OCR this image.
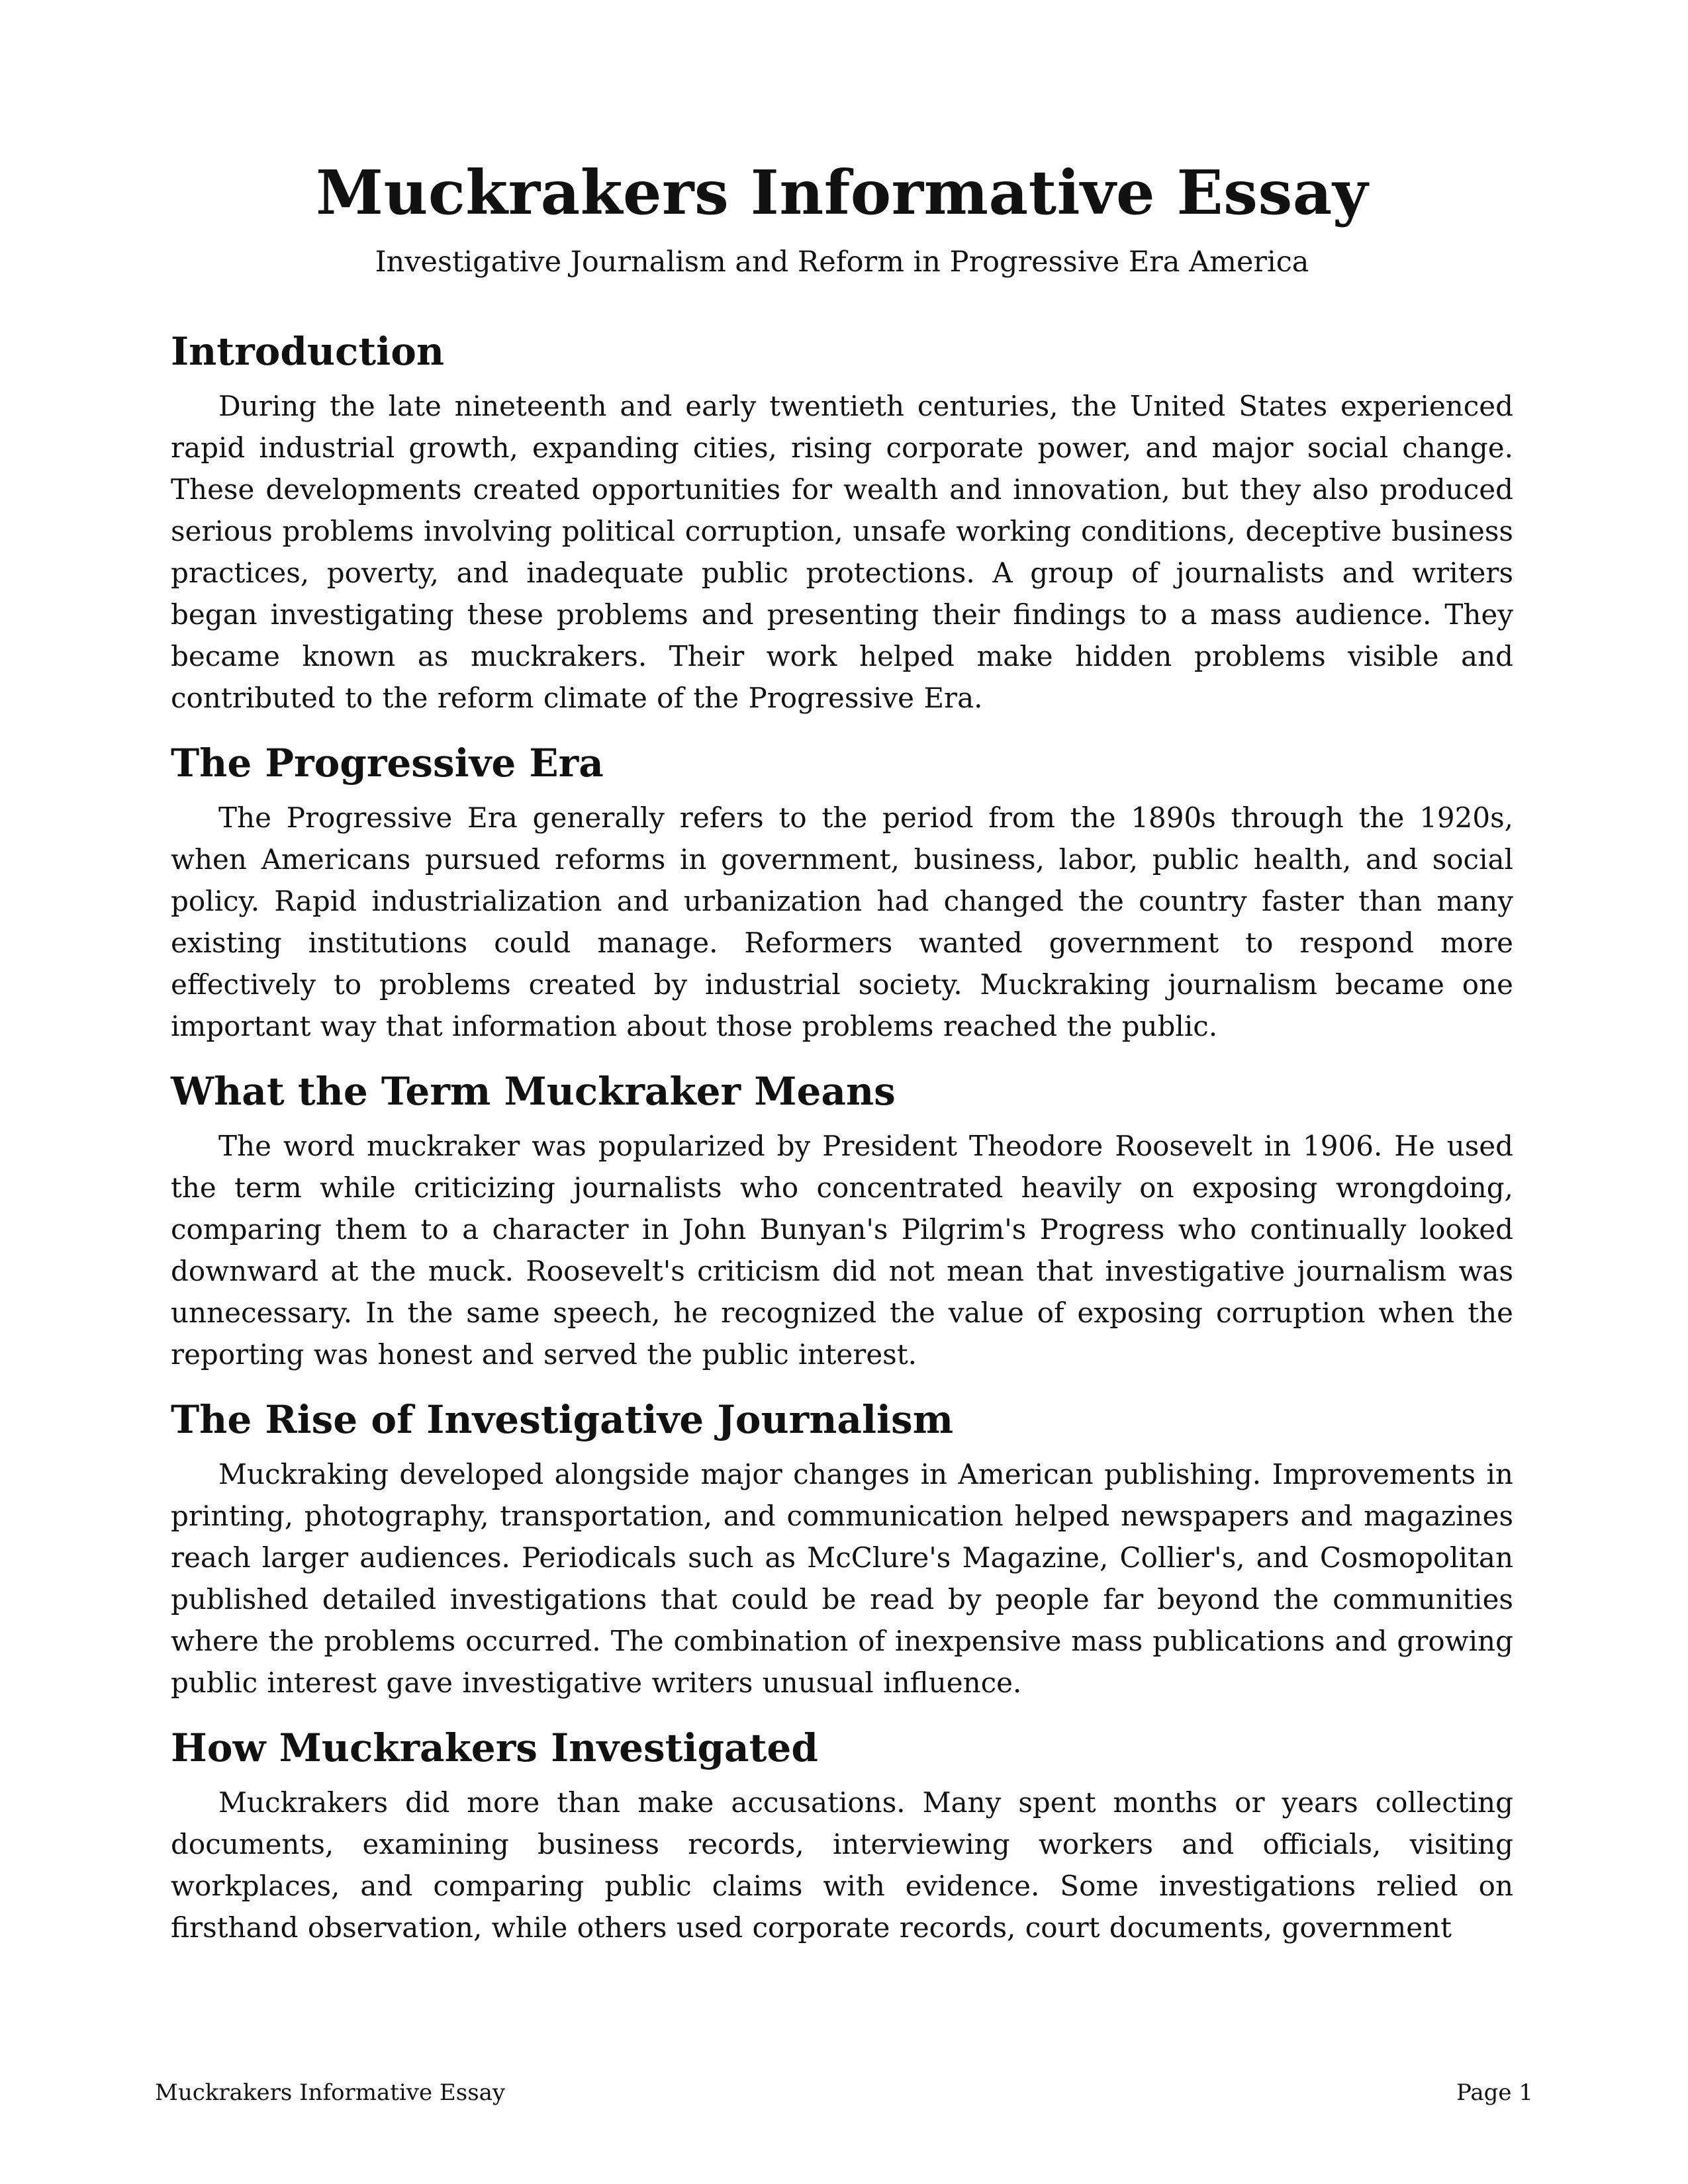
Muckrakers Informative Essay

Investigative Journalism and Reform in Progressive Era America

Introduction

During the late nineteenth and early twentieth centuries, the United States experienced rapid industrial growth, expanding cities, rising corporate power, and major social change. These developments created opportunities for wealth and innovation, but they also produced serious problems involving political corruption, unsafe working conditions, deceptive business practices, poverty, and inadequate public protections. A group of journalists and writers began investigating these problems and presenting their findings to a mass audience. They became known as muckrakers. Their work helped make hidden problems visible and contributed to the reform climate of the Progressive Era.

The Progressive Era

The Progressive Era generally refers to the period from the 1890s through the 1920s, when Americans pursued reforms in government, business, labor, public health, and social policy. Rapid industrialization and urbanization had changed the country faster than many existing institutions could manage. Reformers wanted government to respond more effectively to problems created by industrial society. Muckraking journalism became one important way that information about those problems reached the public.

What the Term Muckraker Means

The word muckraker was popularized by President Theodore Roosevelt in 1906. He used the term while criticizing journalists who concentrated heavily on exposing wrongdoing, comparing them to a character in John Bunyan's Pilgrim's Progress who continually looked downward at the muck. Roosevelt's criticism did not mean that investigative journalism was unnecessary. In the same speech, he recognized the value of exposing corruption when the reporting was honest and served the public interest.

The Rise of Investigative Journalism

Muckraking developed alongside major changes in American publishing. Improvements in printing, photography, transportation, and communication helped newspapers and magazines reach larger audiences. Periodicals such as McClure's Magazine, Collier's, and Cosmopolitan published detailed investigations that could be read by people far beyond the communities where the problems occurred. The combination of inexpensive mass publications and growing public interest gave investigative writers unusual influence.

How Muckrakers Investigated

Muckrakers did more than make accusations. Many spent months or years collecting documents, examining business records, interviewing workers and officials, visiting workplaces, and comparing public claims with evidence. Some investigations relied on firsthand observation, while others used corporate records, court documents, government

Muckrakers Informative Essay	Page 1
